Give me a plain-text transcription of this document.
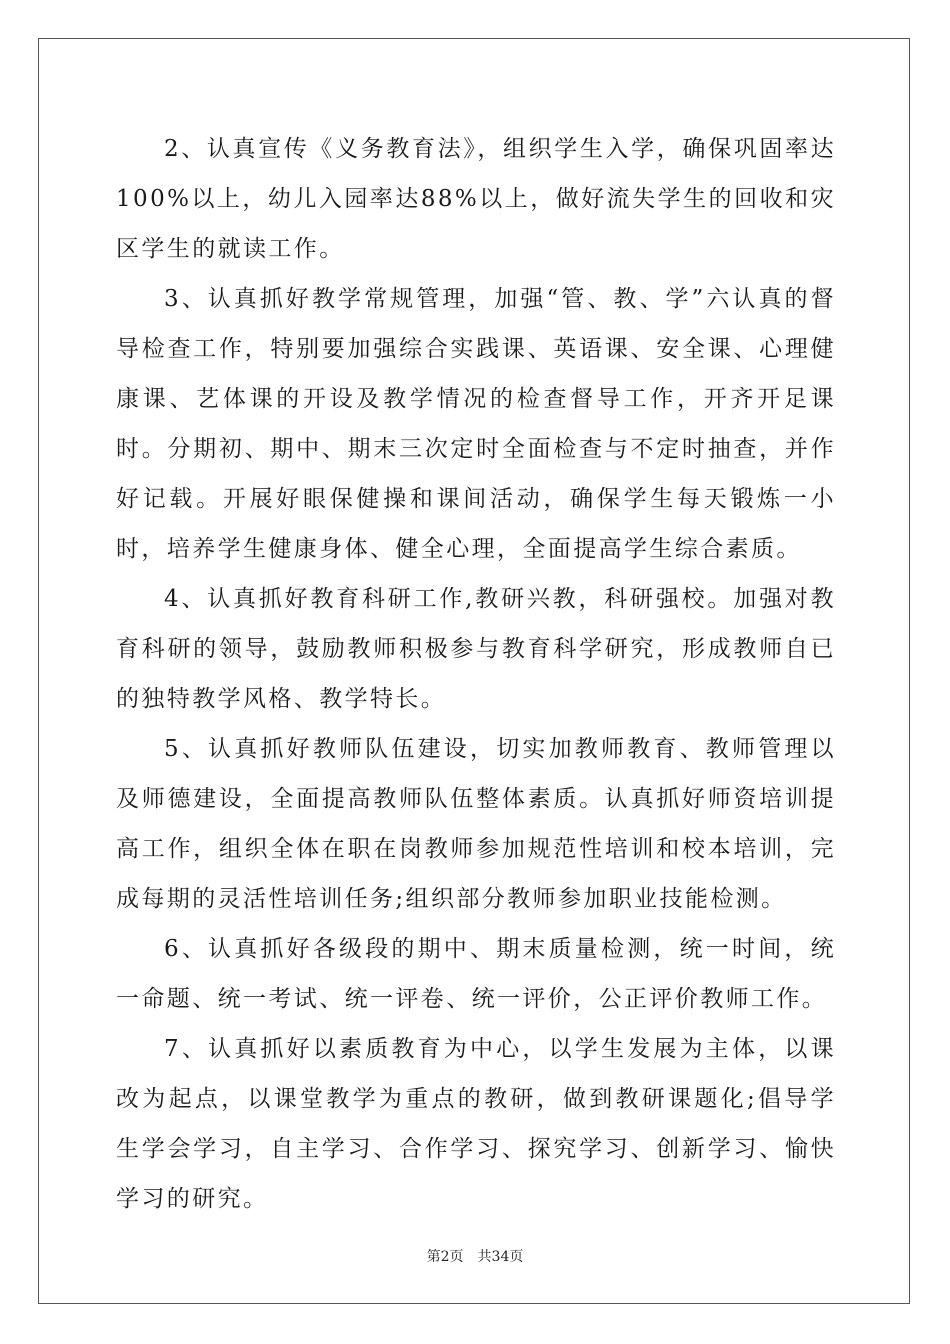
2、认真宣传《义务教育法》，组织学生入学，确保巩固率达100%以上，幼儿入园率达88%以上，做好流失学生的回收和灾区学生的就读工作。

3、认真抓好教学常规管理，加强“管、教、学”六认真的督导检查工作，特别要加强综合实践课、英语课、安全课、心理健康课、艺体课的开设及教学情况的检查督导工作，开齐开足课时。分期初、期中、期末三次定时全面检查与不定时抽查，并作好记载。开展好眼保健操和课间活动，确保学生每天锻炼一小时，培养学生健康身体、健全心理，全面提高学生综合素质。

4、认真抓好教育科研工作,教研兴教，科研强校。加强对教育科研的领导，鼓励教师积极参与教育科学研究，形成教师自已的独特教学风格、教学特长。

5、认真抓好教师队伍建设，切实加教师教育、教师管理以及师德建设，全面提高教师队伍整体素质。认真抓好师资培训提高工作，组织全体在职在岗教师参加规范性培训和校本培训，完成每期的灵活性培训任务;组织部分教师参加职业技能检测。

6、认真抓好各级段的期中、期末质量检测，统一时间，统一命题、统一考试、统一评卷、统一评价，公正评价教师工作。

7、认真抓好以素质教育为中心，以学生发展为主体，以课改为起点，以课堂教学为重点的教研，做到教研课题化;倡导学生学会学习，自主学习、合作学习、探究学习、创新学习、愉快学习的研究。

第2页 共34页
